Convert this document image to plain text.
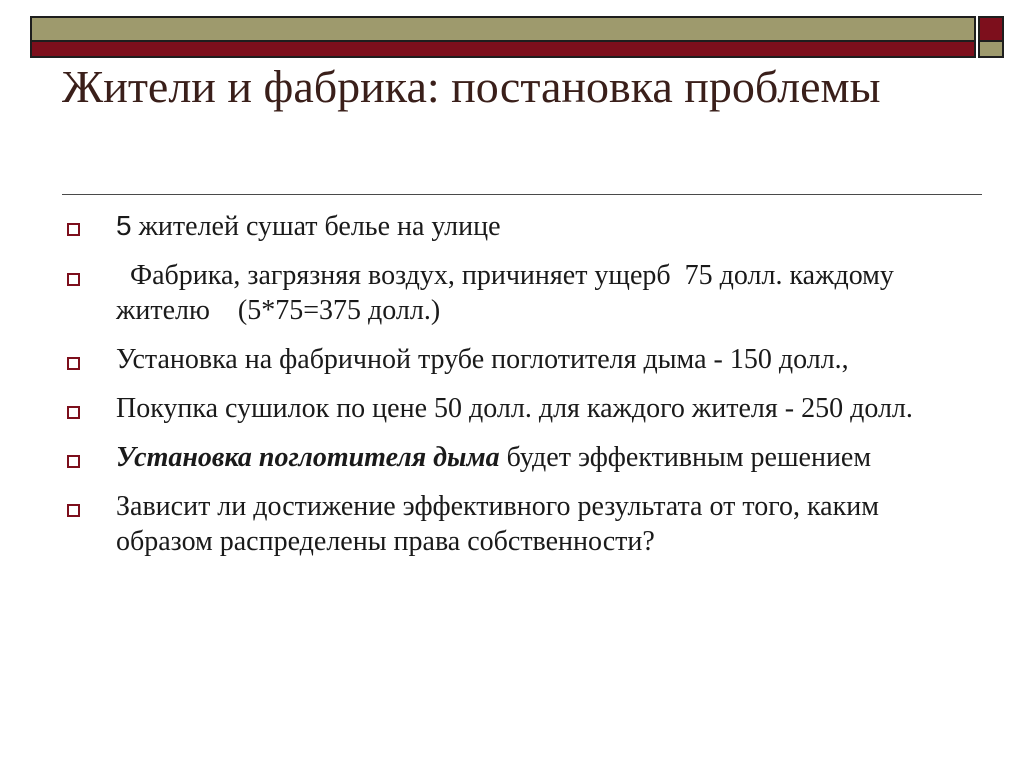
Жители и фабрика: постановка проблемы
5 жителей сушат белье на улице
Фабрика, загрязняя воздух, причиняет ущерб  75 долл. каждому жителю    (5*75=375 долл.)
Установка на фабричной трубе поглотителя дыма - 150 долл.,
Покупка сушилок по цене 50 долл. для каждого жителя - 250 долл.
Установка поглотителя дыма будет эффективным решением
Зависит ли достижение эффективного результата от того, каким образом распределены права собственности?
